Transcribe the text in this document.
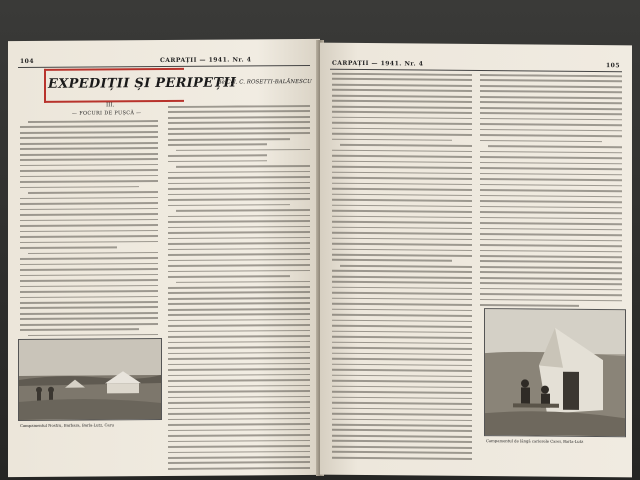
104	CARPAȚII — 1941. Nr. 4
EXPEDIȚII ȘI PERIPEȚII
de Col. C. ROSETTI-BALĂNESCU
III.
— FOCURI DE PUȘCĂ —
Campamentul Nostru, Barbara, Barla-Lutz, Caru
CARPAȚII — 1941. Nr. 4	105
Campamentul de lângă carierele Carei, Barla-Lutz
